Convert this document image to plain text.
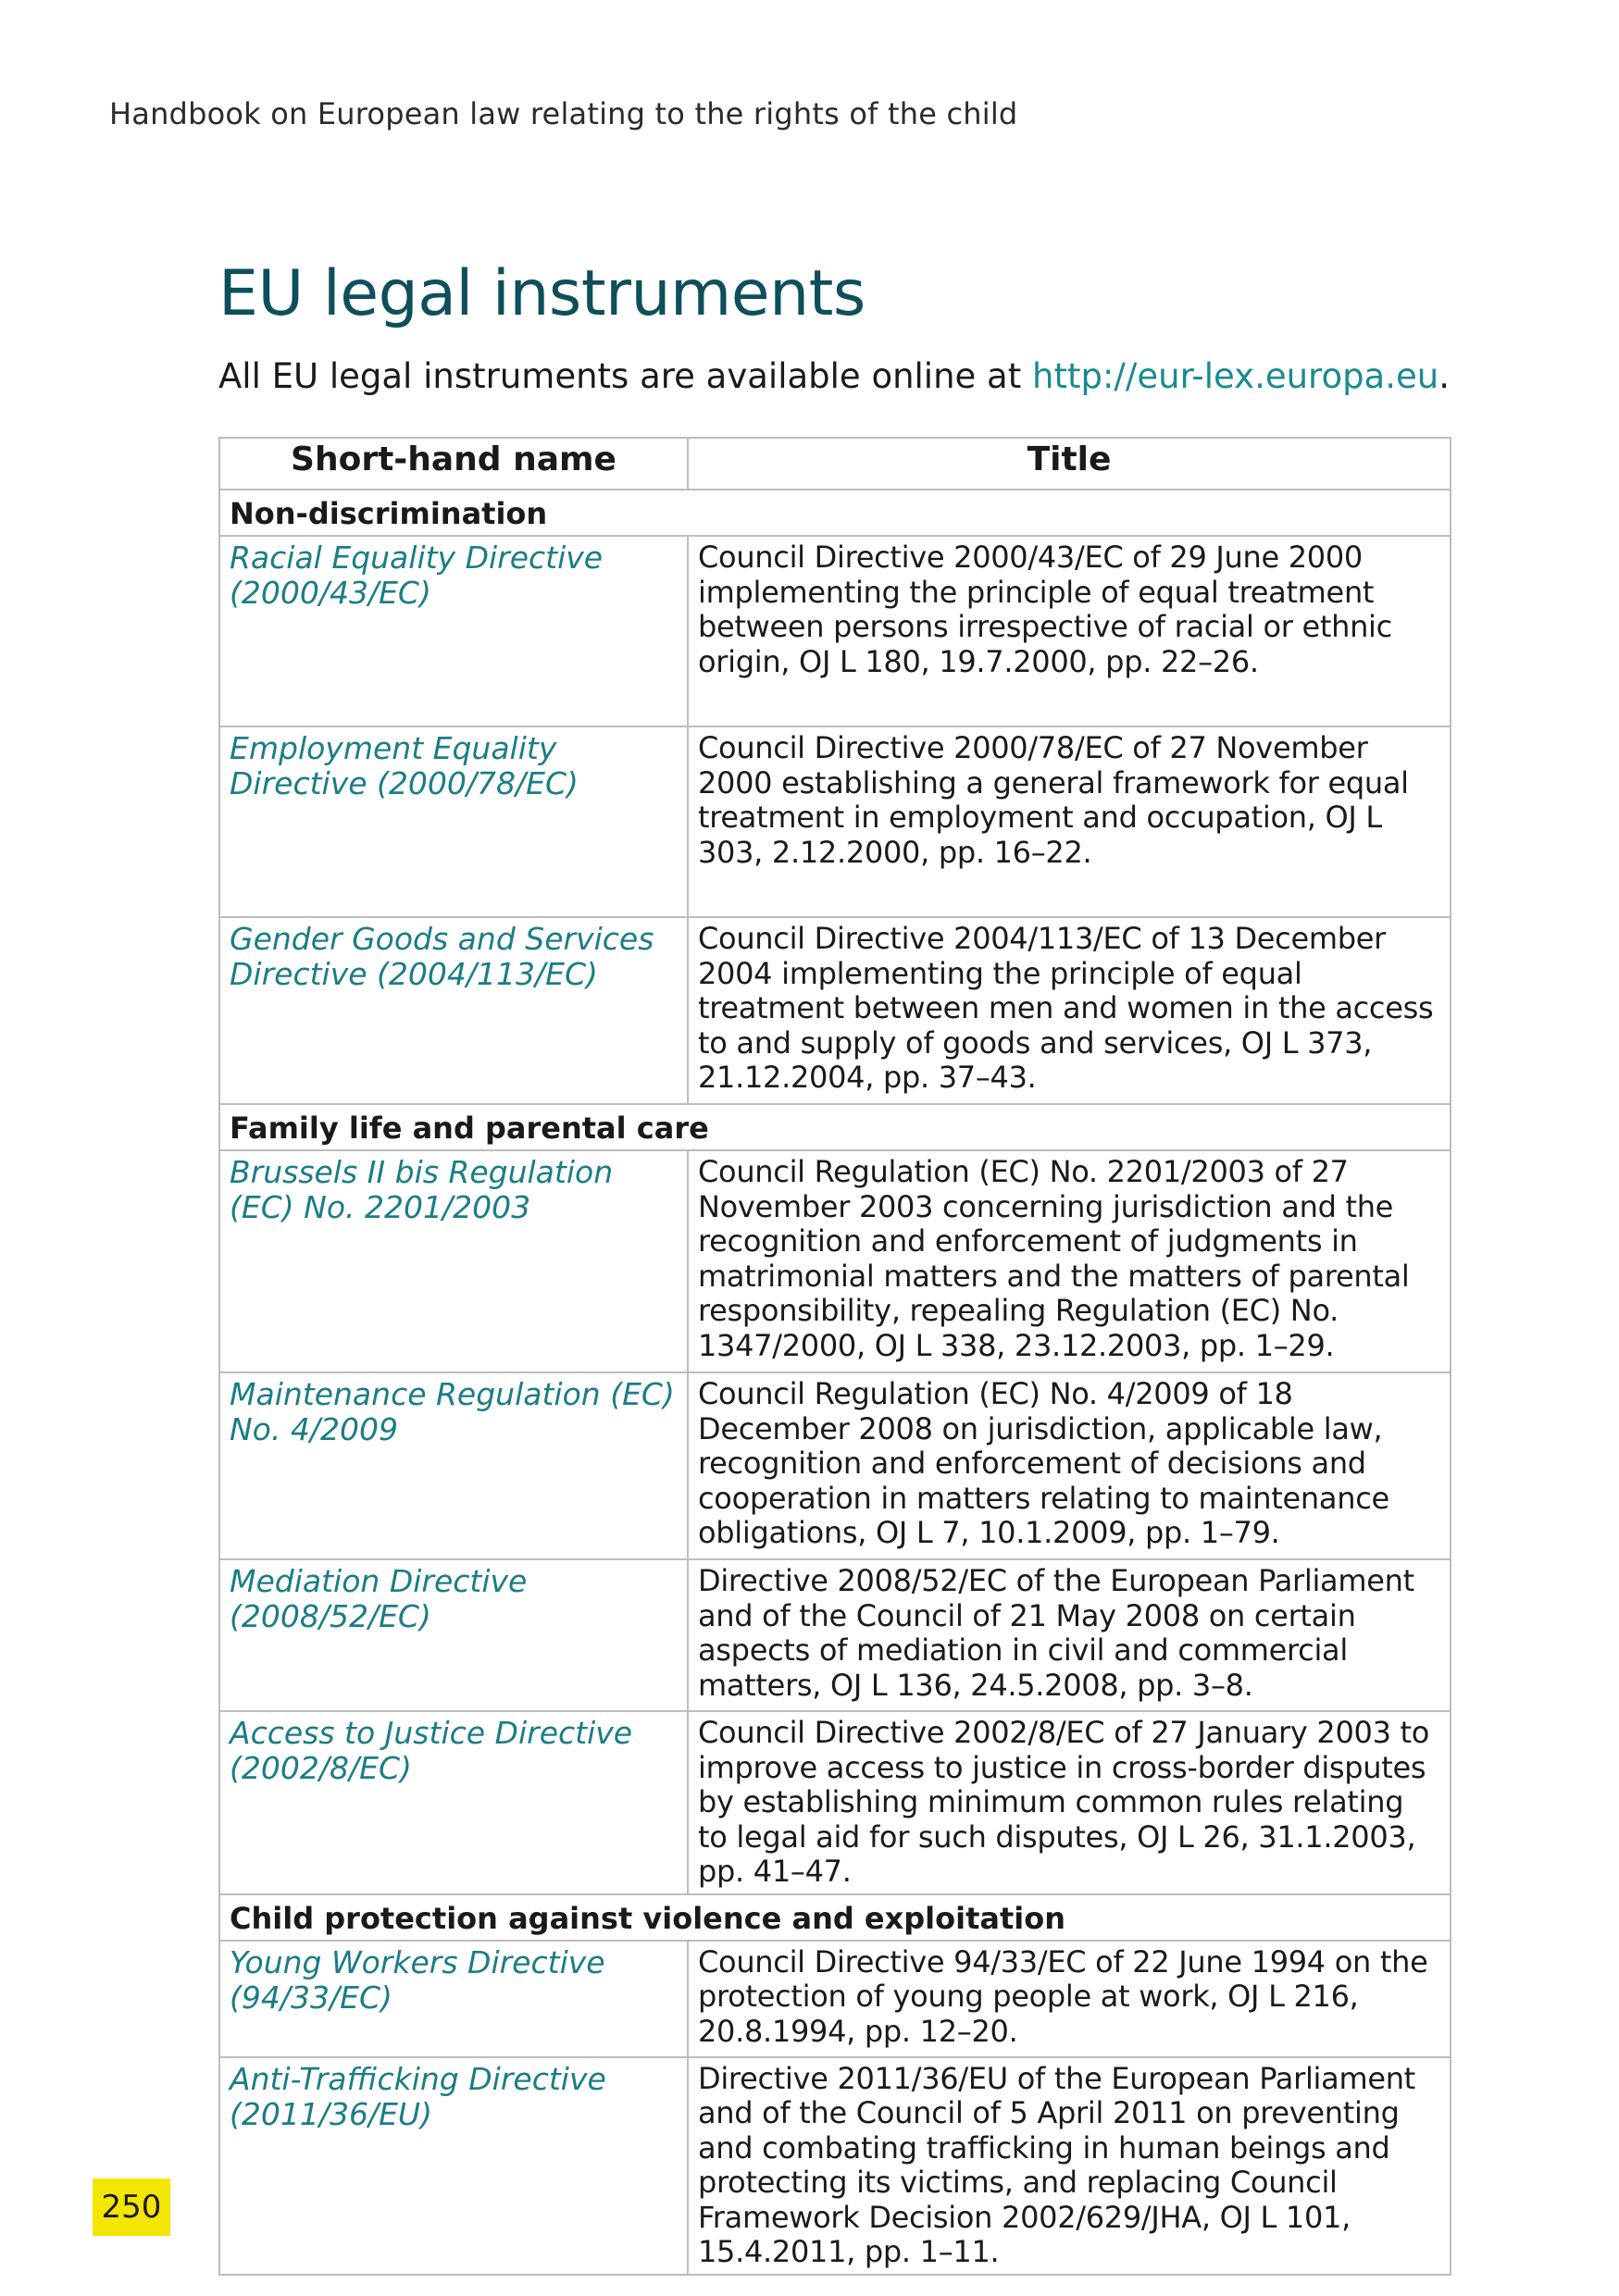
Handbook on European law relating to the rights of the child
EU legal instruments
All EU legal instruments are available online at http://eur-lex.europa.eu.
Short-hand name	Title
Non-discrimination	
Racial Equality Directive (2000/43/EC)	Council Directive 2000/43/EC of 29 June 2000 implementing the principle of equal treatment between persons irrespective of racial or ethnic origin, OJ L 180, 19.7.2000, pp. 22–26.
Employment Equality Directive (2000/78/EC)	Council Directive 2000/78/EC of 27 November 2000 establishing a general framework for equal treatment in employment and occupation, OJ L 303, 2.12.2000, pp. 16–22.
Gender Goods and Services Directive (2004/113/EC)	Council Directive 2004/113/EC of 13 December 2004 implementing the principle of equal treatment between men and women in the access to and supply of goods and services, OJ L 373, 21.12.2004, pp. 37–43.
Family life and parental care	
Brussels II bis Regulation (EC) No. 2201/2003	Council Regulation (EC) No. 2201/2003 of 27 November 2003 concerning jurisdiction and the recognition and enforcement of judgments in matrimonial matters and the matters of parental responsibility, repealing Regulation (EC) No. 1347/2000, OJ L 338, 23.12.2003, pp. 1–29.
Maintenance Regulation (EC) No. 4/2009	Council Regulation (EC) No. 4/2009 of 18 December 2008 on jurisdiction, applicable law, recognition and enforcement of decisions and cooperation in matters relating to maintenance obligations, OJ L 7, 10.1.2009, pp. 1–79.
Mediation Directive (2008/52/EC)	Directive 2008/52/EC of the European Parliament and of the Council of 21 May 2008 on certain aspects of mediation in civil and commercial matters, OJ L 136, 24.5.2008, pp. 3–8.
Access to Justice Directive (2002/8/EC)	Council Directive 2002/8/EC of 27 January 2003 to improve access to justice in cross-border disputes by establishing minimum common rules relating to legal aid for such disputes, OJ L 26, 31.1.2003, pp. 41–47.
Child protection against violence and exploitation	
Young Workers Directive (94/33/EC)	Council Directive 94/33/EC of 22 June 1994 on the protection of young people at work, OJ L 216, 20.8.1994, pp. 12–20.
Anti-Trafficking Directive (2011/36/EU)	Directive 2011/36/EU of the European Parliament and of the Council of 5 April 2011 on preventing and combating trafficking in human beings and protecting its victims, and replacing Council Framework Decision 2002/629/JHA, OJ L 101, 15.4.2011, pp. 1–11.
250
